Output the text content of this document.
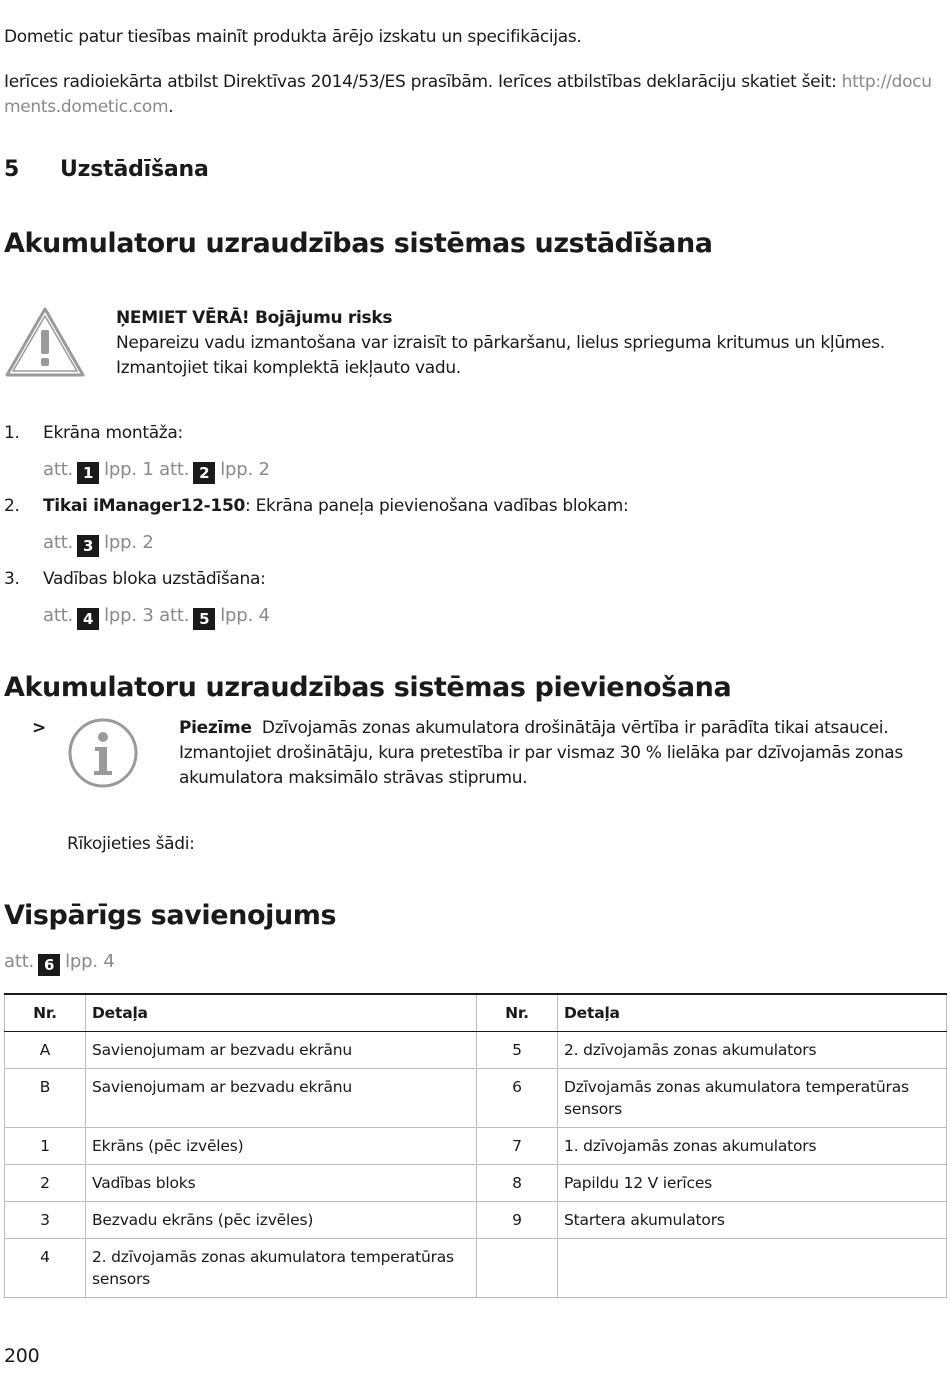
Dometic patur tiesības mainīt produkta ārējo izskatu un specifikācijas.
Ierīces radioiekārta atbilst Direktīvas 2014/53/ES prasībām. Ierīces atbilstības deklarāciju skatiet šeit: http://documents.dometic.com.
5 Uzstādīšana
Akumulatoru uzraudzības sistēmas uzstādīšana
ŅEMIET VĒRĀ! Bojājumu risks
Nepareizu vadu izmantošana var izraisīt to pārkaršanu, lielus sprieguma kritumus un kļūmes. Izmantojiet tikai komplektā iekļauto vadu.
1. Ekrāna montāža:
att. 1 lpp. 1 att. 2 lpp. 2
2. Tikai iManager12-150: Ekrāna paneļa pievienošana vadības blokam:
att. 3 lpp. 2
3. Vadības bloka uzstādīšana:
att. 4 lpp. 3 att. 5 lpp. 4
Akumulatoru uzraudzības sistēmas pievienošana
>	Piezīme Dzīvojamās zonas akumulatora drošinātāja vērtība ir parādīta tikai atsaucei. Izmantojiet drošinātāju, kura pretestība ir par vismaz 30 % lielāka par dzīvojamās zonas akumulatora maksimālo strāvas stiprumu.
Rīkojieties šādi:
Vispārīgs savienojums
att. 6 lpp. 4
Nr.	Detaļa	Nr.	Detaļa
A	Savienojumam ar bezvadu ekrānu	5	2. dzīvojamās zonas akumulators
B	Savienojumam ar bezvadu ekrānu	6	Dzīvojamās zonas akumulatora temperatūras sensors
1	Ekrāns (pēc izvēles)	7	1. dzīvojamās zonas akumulators
2	Vadības bloks	8	Papildu 12 V ierīces
3	Bezvadu ekrāns (pēc izvēles)	9	Startera akumulators
4	2. dzīvojamās zonas akumulatora temperatūras sensors		
200
